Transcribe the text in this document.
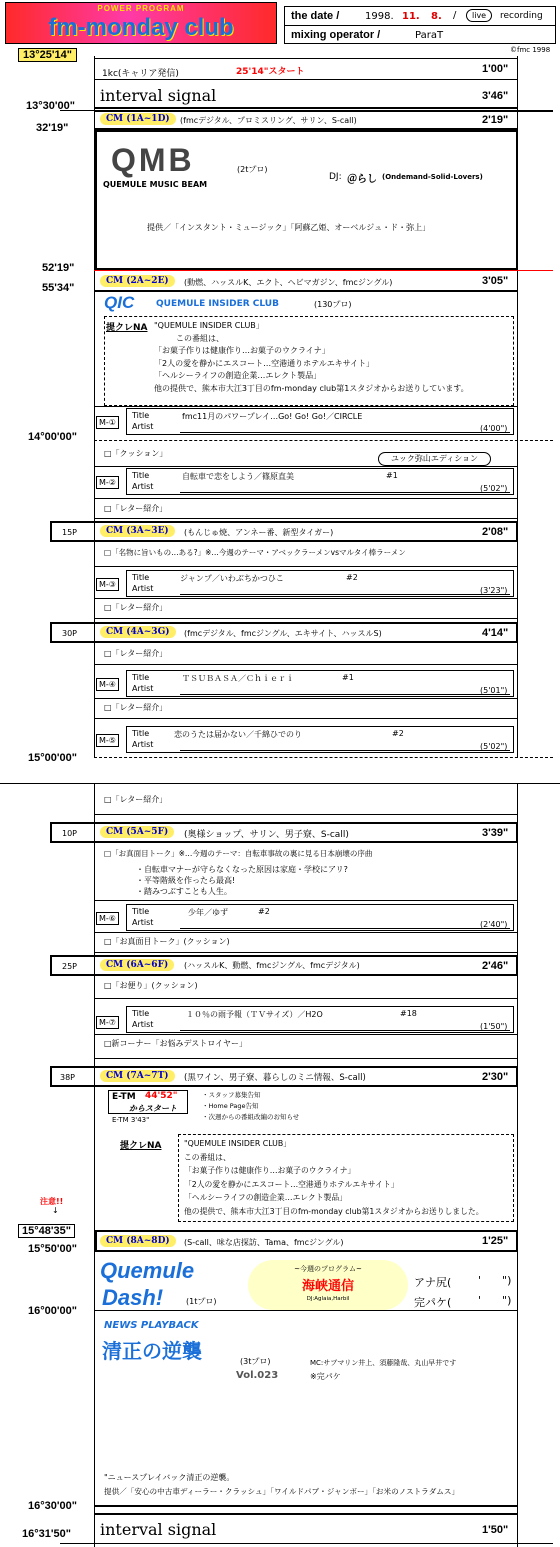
POWER PROGRAM
fm-monday club	the date /	1998. 11. 8. /	live	recording
mixing operator /	ParaT
©fmc 1998
13°25'14"
1kc(キャリア発信)	25'14"スタート	1'00"
interval signal	3'46"
13°30'00"
32'19"
CM (1A~1D)	(fmcデジタル、プロミスリング、サリン、S-call)	2'19"
QMB
QUEMULE MUSIC BEAM
(2tプロ)
DJ: ＠らし (Ondemand-Solid-Lovers)
提供／「インスタント・ミュージック」「阿蘇乙姫、オーベルジュ・ド・弥上」
52'19"
55'34"
CM (2A~2E)	(動燃、ハッスルK、エクト、ヘビマガジン、fmcジングル)	3'05"
QIC QUEMULE INSIDER CLUB	(130プロ)
提クレNA "QUEMULE INSIDER CLUB」
この番組は、
「お菓子作りは健康作り…お菓子のウクライナ」
「2人の愛を静かにエスコート…空港通りホテルエキサイト」
「ヘルシーライフの創造企業…エレクト製品」
他の提供で、熊本市大江3丁目のfm-monday club第1スタジオからお送りしています。
M-①
Title	fmc11月のパワープレイ…Go! Go! Go!／CIRCLE
Artist	(4'00")
14°00'00"
□「クッション」
ユック弥山エディション
M-②
Title	自転車で恋をしよう／篠原直美	#1
Artist	(5'02")
□「レター紹介」
15P	CM (3A~3E)	(もんじゅ焼、アンネー番、新型タイガー)	2'08"
□「名物に旨いもの…ある?」※…今週のテーマ・アベックラーメンvsマルタイ棒ラーメン
M-③
Title	ジャンプ／いわぶちかつひこ	#2
Artist	(3'23")
□「レター紹介」
30P	CM (4A~3G)	(fmcデジタル、fmcジングル、エキサイト、ハッスルS)	4'14"
□「レター紹介」
M-④
Title	ＴＳＵＢＡＳＡ／Ｃｈｉｅｒｉ	#1
Artist	(5'01")
□「レター紹介」
M-⑤
Title	恋のうたは届かない／千綿ひでのり	#2
Artist	(5'02")
15°00'00"
□「レター紹介」
10P	CM (5A~5F)	(奥様ショップ、サリン、男子寮、S-call)	3'39"
□「お真面目トーク」※…今週のテーマ：自転車事故の裏に見る日本崩壊の序曲
・自転車マナーが守らなくなった原因は家庭・学校にアリ?
・平等階級を作ったら最高!
・踏みつぶすことも人生。
M-⑥
Title	少年／ゆず	#2
Artist	(2'40")
□「お真面目トーク」(クッション)
25P	CM (6A~6F)	(ハッスルK、動燃、fmcジングル、fmcデジタル)	2'46"
□「お便り」(クッション)
M-⑦
Title	１０％の雨予報（ＴＶサイズ）／H2O	#18
Artist	(1'50")
□新コーナー「お悩みデストロイヤー」
38P	CM (7A~7T)	(黒ワイン、男子寮、暮らしのミニ情報、S-call)	2'30"
E-TM 44'52"
からスタート
E-TM 3'43"
・スタッフ募集告知
・Home Page告知
・次週からの番組改編のお知らせ
提クレNA	"QUEMULE INSIDER CLUB」
この番組は、
「お菓子作りは健康作り…お菓子のウクライナ」
「2人の愛を静かにエスコート…空港通りホテルエキサイト」
「ヘルシーライフの創造企業…エレクト製品」
他の提供で、熊本市大江3丁目のfm-monday club第1スタジオからお送りしました。
注意!!
↓
15°48'35"
15°50'00"
CM (8A~8D)	(S-call、味な店探訪、Tama、fmcジングル)	1'25"
Quemule
Dash!	(1tプロ)
~今週のプログラム~
海峡通信
DJ:Aglaia,Harbil
アナ尻( '      ")
完パケ( '      ")
16°00'00"
NEWS PLAYBACK
清正の逆襲	(3tプロ)
Vol.023
MC:サブマリン井上、須藤隆哉、丸山早井です
※完パケ
"ニュースプレイバック清正の逆襲。
提供／「安心の中古車ディーラー・クラッシュ」「ワイルドパブ・ジャンボー」「お米のノストラダムス」
16°30'00"
16°31'50" interval signal	1'50"
